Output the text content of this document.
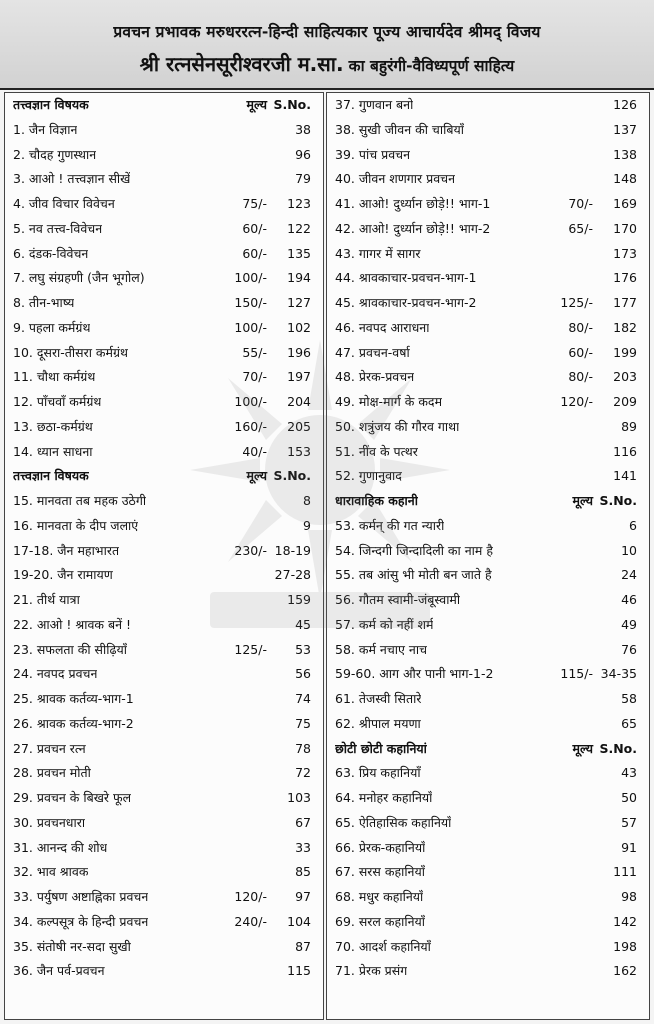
प्रवचन प्रभावक मरुधररत्न-हिन्दी साहित्यकार पूज्य आचार्यदेव श्रीमद् विजय
श्री रत्नसेनसूरीश्वरजी म.सा. का बहुरंगी-वैविध्यपूर्ण साहित्य
तत्त्वज्ञान विषयक	मूल्य S.No.
1. जैन विज्ञान	38
2. चौदह गुणस्थान	96
3. आओ ! तत्त्वज्ञान सीखें	79
4. जीव विचार विवेचन	75/- 123
5. नव तत्त्व-विवेचन	60/- 122
6. दंडक-विवेचन	60/- 135
7. लघु संग्रहणी (जैन भूगोल)	100/- 194
8. तीन-भाष्य	150/- 127
9. पहला कर्मग्रंथ	100/- 102
10. दूसरा-तीसरा कर्मग्रंथ	55/- 196
11. चौथा कर्मग्रंथ	70/- 197
12. पाँचवाँ कर्मग्रंथ	100/- 204
13. छठा-कर्मग्रंथ	160/- 205
14. ध्यान साधना	40/- 153
तत्त्वज्ञान विषयक	मूल्य S.No.
15. मानवता तब महक उठेगी	8
16. मानवता के दीप जलाएं	9
17-18. जैन महाभारत	230/- 18-19
19-20. जैन रामायण	27-28
21. तीर्थ यात्रा	159
22. आओ ! श्रावक बनें !	45
23. सफलता की सीढ़ियाँ	125/- 53
24. नवपद प्रवचन	56
25. श्रावक कर्तव्य-भाग-1	74
26. श्रावक कर्तव्य-भाग-2	75
27. प्रवचन रत्न	78
28. प्रवचन मोती	72
29. प्रवचन के बिखरे फूल	103
30. प्रवचनधारा	67
31. आनन्द की शोध	33
32. भाव श्रावक	85
33. पर्युषण अष्टाह्निका प्रवचन	120/- 97
34. कल्पसूत्र के हिन्दी प्रवचन	240/- 104
35. संतोषी नर-सदा सुखी	87
36. जैन पर्व-प्रवचन	115
37. गुणवान बनो	126
38. सुखी जीवन की चाबियाँ	137
39. पांच प्रवचन	138
40. जीवन शणगार प्रवचन	148
41. आओ! दुर्ध्यान छोड़े!! भाग-1	70/- 169
42. आओ! दुर्ध्यान छोड़े!! भाग-2	65/- 170
43. गागर में सागर	173
44. श्रावकाचार-प्रवचन-भाग-1	176
45. श्रावकाचार-प्रवचन-भाग-2	125/- 177
46. नवपद आराधना	80/- 182
47. प्रवचन-वर्षा	60/- 199
48. प्रेरक-प्रवचन	80/- 203
49. मोक्ष-मार्ग के कदम	120/- 209
50. शत्रुंजय की गौरव गाथा	89
51. नींव के पत्थर	116
52. गुणानुवाद	141
धारावाहिक कहानी	मूल्य S.No.
53. कर्मन् की गत न्यारी	6
54. जिन्दगी जिन्दादिली का नाम है	10
55. तब आंसु भी मोती बन जाते है	24
56. गौतम स्वामी-जंबूस्वामी	46
57. कर्म को नहीं शर्म	49
58. कर्म नचाए नाच	76
59-60. आग और पानी भाग-1-2	115/- 34-35
61. तेजस्वी सितारे	58
62. श्रीपाल मयणा	65
छोटी छोटी कहानियां	मूल्य S.No.
63. प्रिय कहानियाँ	43
64. मनोहर कहानियाँ	50
65. ऐतिहासिक कहानियाँ	57
66. प्रेरक-कहानियाँ	91
67. सरस कहानियाँ	111
68. मधुर कहानियाँ	98
69. सरल कहानियाँ	142
70. आदर्श कहानियाँ	198
71. प्रेरक प्रसंग	162
